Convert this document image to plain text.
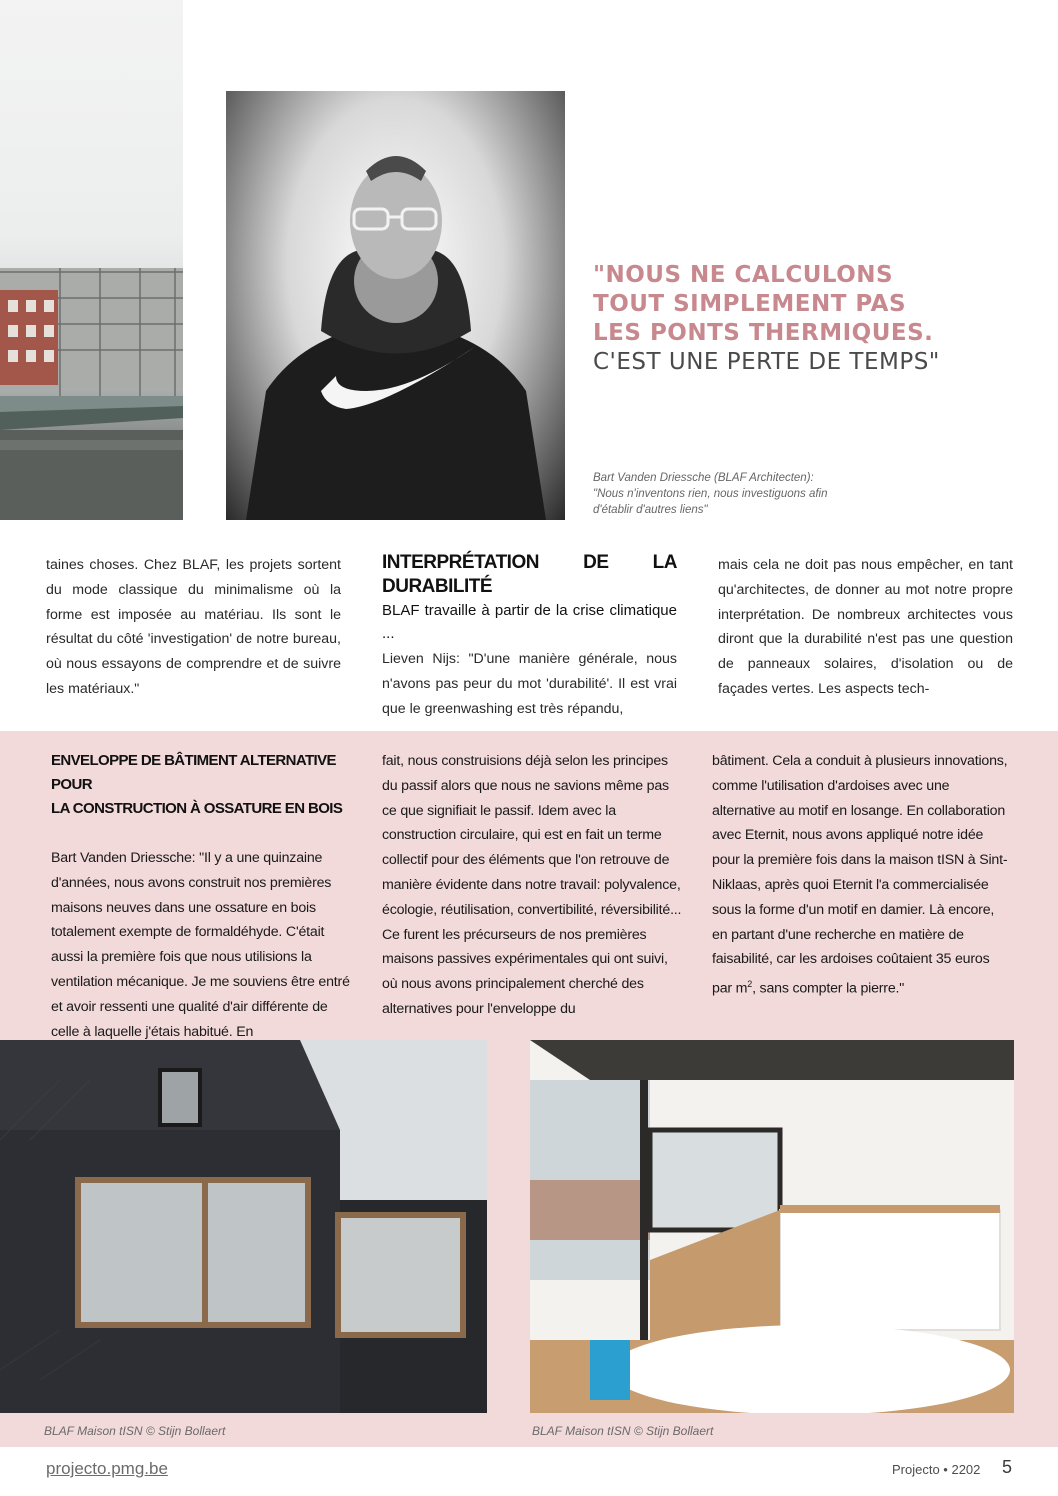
"NOUS NE CALCULONS
TOUT SIMPLEMENT PAS
LES PONTS THERMIQUES.
C'EST UNE PERTE DE TEMPS"
Bart Vanden Driessche (BLAF Architecten):
"Nous n'inventons rien, nous investiguons afin
d'établir d'autres liens"
taines choses. Chez BLAF, les projets sortent du mode classique du minimalisme où la forme est imposée au matériau. Ils sont le résultat du côté 'investigation' de notre bureau, où nous essayons de comprendre et de suivre les matériaux."
INTERPRÉTATION DE LA DURABILITÉ

BLAF travaille à partir de la crise climatique ...

Lieven Nijs: "D'une manière générale, nous n'avons pas peur du mot 'durabilité'. Il est vrai que le greenwashing est très répandu,

mais cela ne doit pas nous empêcher, en tant qu'architectes, de donner au mot notre propre interprétation. De nombreux architectes vous diront que la durabilité n'est pas une question de panneaux solaires, d'isolation ou de façades vertes. Les aspects tech-
ENVELOPPE DE BÂTIMENT ALTERNATIVE POUR
LA CONSTRUCTION À OSSATURE EN BOIS

Bart Vanden Driessche: "Il y a une quinzaine d'années, nous avons construit nos premières maisons neuves dans une ossature en bois totalement exempte de formaldéhyde. C'était aussi la première fois que nous utilisions la ventilation mécanique. Je me souviens être entré et avoir ressenti une qualité d'air différente de celle à laquelle j'étais habitué. En

fait, nous construisions déjà selon les principes du passif alors que nous ne savions même pas ce que signifiait le passif. Idem avec la construction circulaire, qui est en fait un terme collectif pour des éléments que l'on retrouve de manière évidente dans notre travail: polyvalence, écologie, réutilisation, convertibilité, réversibilité... Ce furent les précurseurs de nos premières maisons passives expérimentales qui ont suivi, où nous avons principalement cherché des alternatives pour l'enveloppe du
bâtiment. Cela a conduit à plusieurs innovations, comme l'utilisation d'ardoises avec une alternative au motif en losange. En collaboration avec Eternit, nous avons appliqué notre idée pour la première fois dans la maison tISN à Sint-Niklaas, après quoi Eternit l'a commercialisée sous la forme d'un motif en damier. Là encore, en partant d'une recherche en matière de faisabilité, car les ardoises coûtaient 35 euros par $m^2$, sans compter la pierre."
BLAF Maison tISN © Stijn Bollaert	BLAF Maison tISN © Stijn Bollaert
projecto.pmg.be	Projecto • 2202 5
